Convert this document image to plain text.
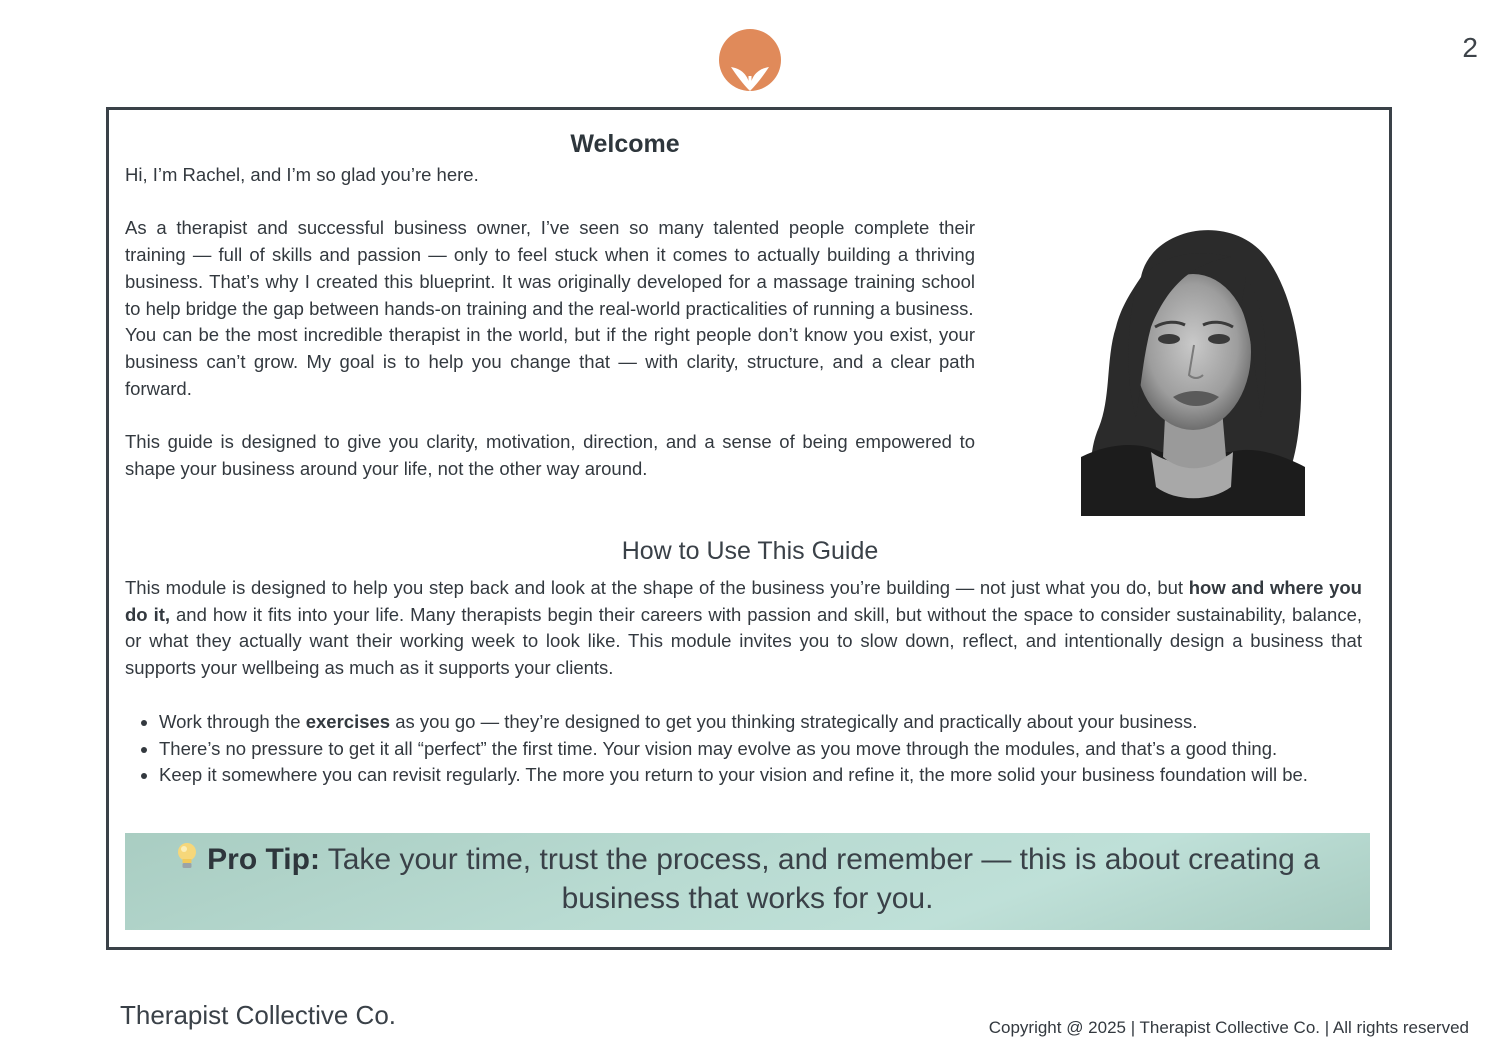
2
Welcome

Hi, I’m Rachel, and I’m so glad you’re here.

As a therapist and successful business owner, I’ve seen so many talented people complete their training — full of skills and passion — only to feel stuck when it comes to actually building a thriving business. That’s why I created this blueprint. It was originally developed for a massage training school to help bridge the gap between hands-on training and the real-world practicalities of running a business.

You can be the most incredible therapist in the world, but if the right people don’t know you exist, your business can’t grow. My goal is to help you change that — with clarity, structure, and a clear path forward.

This guide is designed to give you clarity, motivation, direction, and a sense of being empowered to shape your business around your life, not the other way around.

How to Use This Guide

This module is designed to help you step back and look at the shape of the business you’re building — not just what you do, but how and where you do it, and how it fits into your life. Many therapists begin their careers with passion and skill, but without the space to consider sustainability, balance, or what they actually want their working week to look like. This module invites you to slow down, reflect, and intentionally design a business that supports your wellbeing as much as it supports your clients.

• Work through the exercises as you go — they’re designed to get you thinking strategically and practically about your business.
• There’s no pressure to get it all “perfect” the first time. Your vision may evolve as you move through the modules, and that’s a good thing.
• Keep it somewhere you can revisit regularly. The more you return to your vision and refine it, the more solid your business foundation will be.
Pro Tip: Take your time, trust the process, and remember — this is about creating a business that works for you.
Therapist Collective Co.	Copyright @ 2025 | Therapist Collective Co. | All rights reserved
